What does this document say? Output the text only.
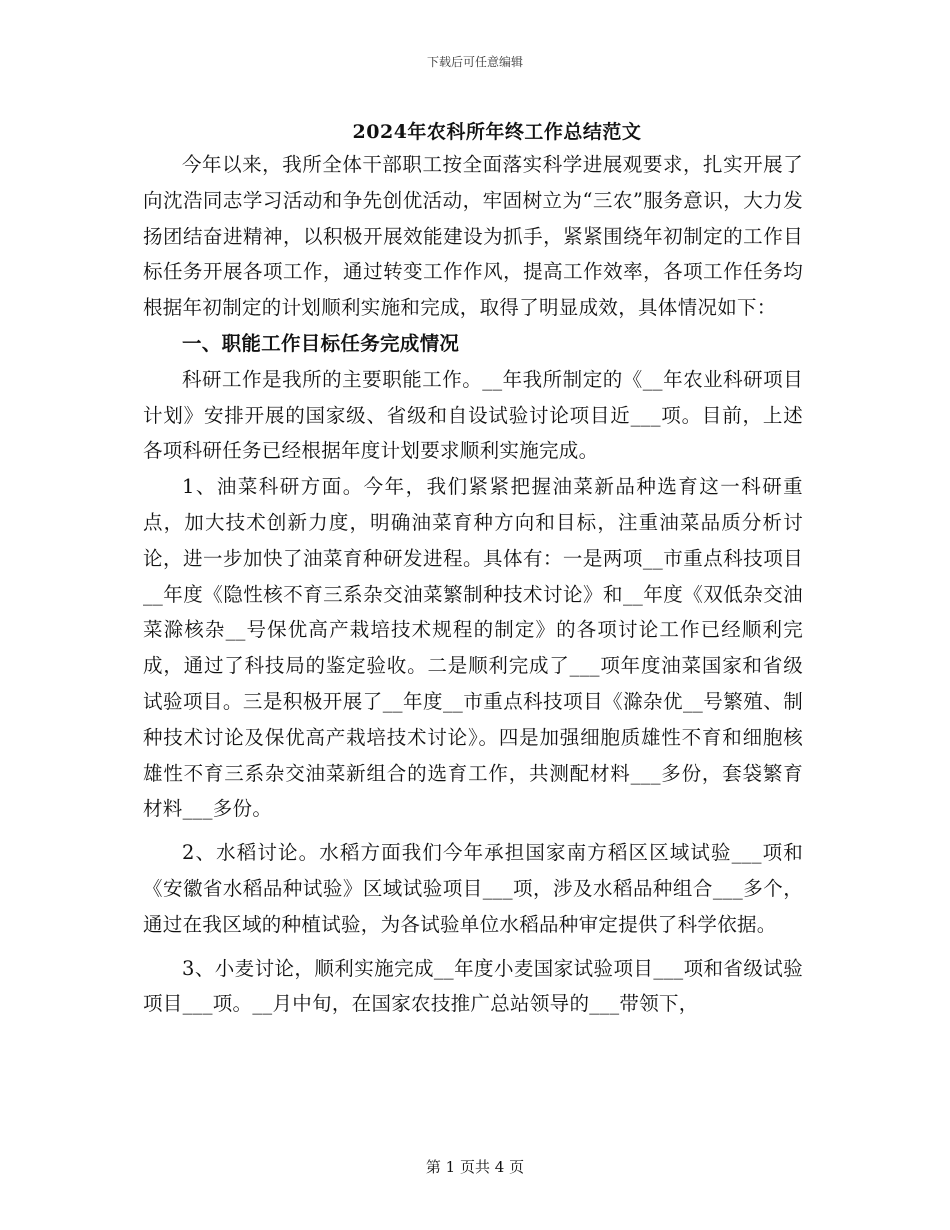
下载后可任意编辑
2024年农科所年终工作总结范文

今年以来，我所全体干部职工按全面落实科学进展观要求，扎实开展了向沈浩同志学习活动和争先创优活动，牢固树立为“三农”服务意识，大力发扬团结奋进精神，以积极开展效能建设为抓手，紧紧围绕年初制定的工作目标任务开展各项工作，通过转变工作作风，提高工作效率，各项工作任务均根据年初制定的计划顺利实施和完成，取得了明显成效，具体情况如下：

一、职能工作目标任务完成情况

科研工作是我所的主要职能工作。__年我所制定的《__年农业科研项目计划》安排开展的国家级、省级和自设试验讨论项目近___项。目前，上述各项科研任务已经根据年度计划要求顺利实施完成。

1、油菜科研方面。今年，我们紧紧把握油菜新品种选育这一科研重点，加大技术创新力度，明确油菜育种方向和目标，注重油菜品质分析讨论，进一步加快了油菜育种研发进程。具体有：一是两项__市重点科技项目__年度《隐性核不育三系杂交油菜繁制种技术讨论》和__年度《双低杂交油菜滁核杂__号保优高产栽培技术规程的制定》的各项讨论工作已经顺利完成，通过了科技局的鉴定验收。二是顺利完成了___项年度油菜国家和省级试验项目。三是积极开展了__年度__市重点科技项目《滁杂优__号繁殖、制种技术讨论及保优高产栽培技术讨论》。四是加强细胞质雄性不育和细胞核雄性不育三系杂交油菜新组合的选育工作，共测配材料___多份，套袋繁育材料___多份。

2、水稻讨论。水稻方面我们今年承担国家南方稻区区域试验___项和《安徽省水稻品种试验》区域试验项目___项，涉及水稻品种组合___多个，通过在我区域的种植试验，为各试验单位水稻品种审定提供了科学依据。

3、小麦讨论，顺利实施完成__年度小麦国家试验项目___项和省级试验项目___项。__月中旬，在国家农技推广总站领导的___带领下，

第 1 页共 4 页
